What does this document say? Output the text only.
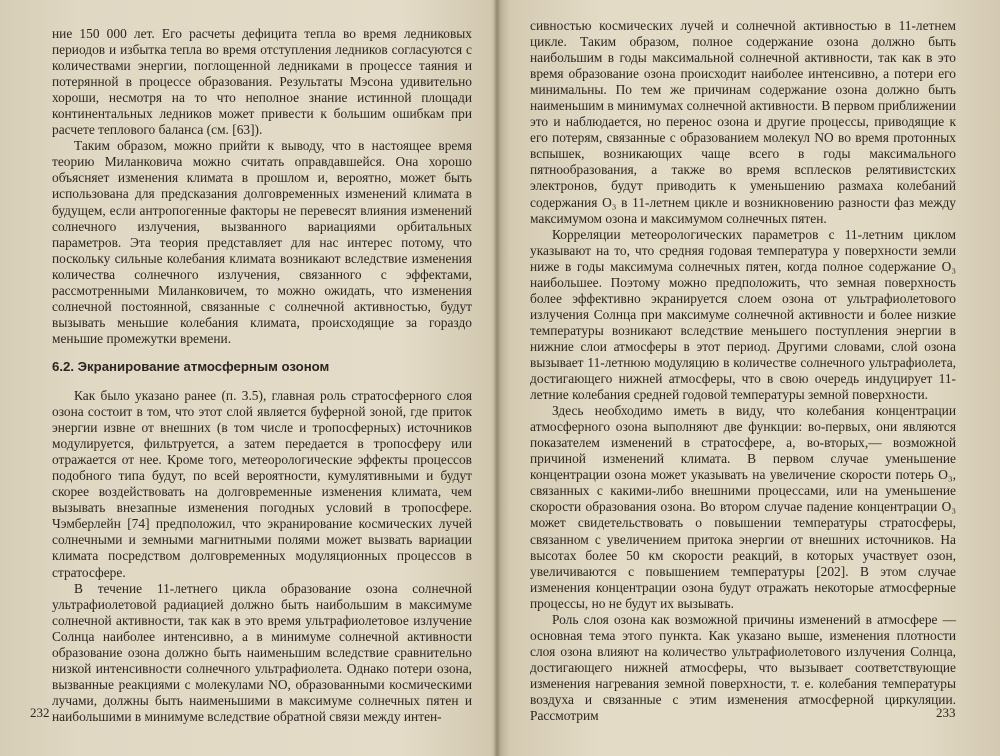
ние 150 000 лет. Его расчеты дефицита тепла во время ледниковых периодов и избытка тепла во время отступления ледников согласуются с количествами энергии, поглощенной ледниками в процессе таяния и потерянной в процессе образования. Результаты Мэсона удивительно хороши, несмотря на то что неполное знание истинной площади континентальных ледников может привести к большим ошибкам при расчете теплового баланса (см. [63]).

Таким образом, можно прийти к выводу, что в настоящее время теорию Миланковича можно считать оправдавшейся. Она хорошо объясняет изменения климата в прошлом и, вероятно, может быть использована для предсказания долговременных изменений климата в будущем, если антропогенные факторы не перевесят влияния изменений солнечного излучения, вызванного вариациями орбитальных параметров. Эта теория представляет для нас интерес потому, что поскольку сильные колебания климата возникают вследствие изменения количества солнечного излучения, связанного с эффектами, рассмотренными Миланковичем, то можно ожидать, что изменения солнечной постоянной, связанные с солнечной активностью, будут вызывать меньшие колебания климата, происходящие за гораздо меньшие промежутки времени.

6.2. Экранирование атмосферным озоном

Как было указано ранее (п. 3.5), главная роль стратосферного слоя озона состоит в том, что этот слой является буферной зоной, где приток энергии извне от внешних (в том числе и тропосферных) источников модулируется, фильтруется, а затем передается в тропосферу или отражается от нее. Кроме того, метеорологические эффекты процессов подобного типа будут, по всей вероятности, кумулятивными и будут скорее воздействовать на долговременные изменения климата, чем вызывать внезапные изменения погодных условий в тропосфере. Чэмберлейн [74] предположил, что экранирование космических лучей солнечными и земными магнитными полями может вызвать вариации климата посредством долговременных модуляционных процессов в стратосфере.

В течение 11-летнего цикла образование озона солнечной ультрафиолетовой радиацией должно быть наибольшим в максимуме солнечной активности, так как в это время ультрафиолетовое излучение Солнца наиболее интенсивно, а в минимуме солнечной активности образование озона должно быть наименьшим вследствие сравнительно низкой интенсивности солнечного ультрафиолета. Однако потери озона, вызванные реакциями с молекулами NO, образованными космическими лучами, должны быть наименьшими в максимуме солнечных пятен и наибольшими в минимуме вследствие обратной связи между интен-

232

сивностью космических лучей и солнечной активностью в 11-летнем цикле. Таким образом, полное содержание озона должно быть наибольшим в годы максимальной солнечной активности, так как в это время образование озона происходит наиболее интенсивно, а потери его минимальны. По тем же причинам содержание озона должно быть наименьшим в минимумах солнечной активности. В первом приближении это и наблюдается, но перенос озона и другие процессы, приводящие к его потерям, связанные с образованием молекул NO во время протонных вспышек, возникающих чаще всего в годы максимального пятнообразования, а также во время всплесков релятивистских электронов, будут приводить к уменьшению размаха колебаний содержания O₃ в 11-летнем цикле и возникновению разности фаз между максимумом озона и максимумом солнечных пятен.

Корреляции метеорологических параметров с 11-летним циклом указывают на то, что средняя годовая температура у поверхности земли ниже в годы максимума солнечных пятен, когда полное содержание O₃ наибольшее. Поэтому можно предположить, что земная поверхность более эффективно экранируется слоем озона от ультрафиолетового излучения Солнца при максимуме солнечной активности и более низкие температуры возникают вследствие меньшего поступления энергии в нижние слои атмосферы в этот период. Другими словами, слой озона вызывает 11-летнюю модуляцию в количестве солнечного ультрафиолета, достигающего нижней атмосферы, что в свою очередь индуцирует 11-летние колебания средней годовой температуры земной поверхности.

Здесь необходимо иметь в виду, что колебания концентрации атмосферного озона выполняют две функции: во-первых, они являются показателем изменений в стратосфере, а, во-вторых,— возможной причиной изменений климата. В первом случае уменьшение концентрации озона может указывать на увеличение скорости потерь O₃, связанных с какими-либо внешними процессами, или на уменьшение скорости образования озона. Во втором случае падение концентрации O₃ может свидетельствовать о повышении температуры стратосферы, связанном с увеличением притока энергии от внешних источников. На высотах более 50 км скорости реакций, в которых участвует озон, увеличиваются с повышением температуры [202]. В этом случае изменения концентрации озона будут отражать некоторые атмосферные процессы, но не будут их вызывать.

Роль слоя озона как возможной причины изменений в атмосфере — основная тема этого пункта. Как указано выше, изменения плотности слоя озона влияют на количество ультрафиолетового излучения Солнца, достигающего нижней атмосферы, что вызывает соответствующие изменения нагревания земной поверхности, т. е. колебания температуры воздуха и связанные с этим изменения атмосферной циркуляции. Рассмотрим	233
